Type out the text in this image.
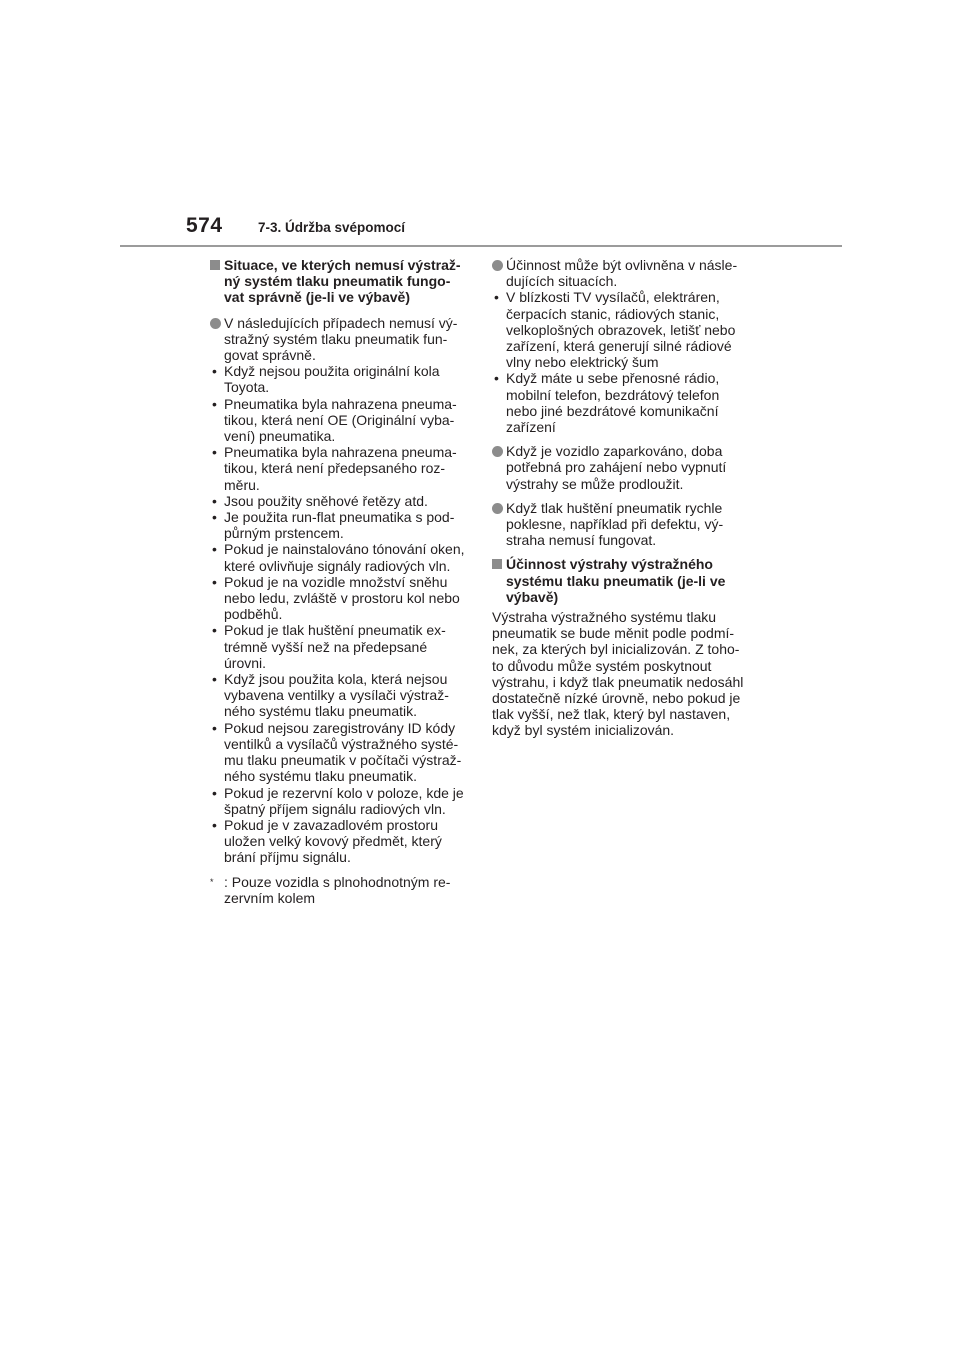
574	7-3. Údržba svépomocí
Situace, ve kterých nemusí výstraž-ný systém tlaku pneumatik fungo-vat správně (je-li ve výbavě)
V následujících případech nemusí vý-stražný systém tlaku pneumatik fun-govat správně.
• Když nejsou použita originální kola Toyota.
• Pneumatika byla nahrazena pneuma-tikou, která není OE (Originální vyba-vení) pneumatika.
• Pneumatika byla nahrazena pneuma-tikou, která není předepsaného roz-měru.
• Jsou použity sněhové řetězy atd.
• Je použita run-flat pneumatika s pod-půrným prstencem.
• Pokud je nainstalováno tónování oken, které ovlivňuje signály radiových vln.
• Pokud je na vozidle množství sněhu nebo ledu, zvláště v prostoru kol nebo podběhů.
• Pokud je tlak huštění pneumatik ex-trémně vyšší než na předepsané úrovni.
• Když jsou použita kola, která nejsou vybavena ventilky a vysílači výstraž-ného systému tlaku pneumatik.
• Pokud nejsou zaregistrovány ID kódy ventilků a vysílačů výstražného systé-mu tlaku pneumatik v počítači výstraž-ného systému tlaku pneumatik.
• Pokud je rezervní kolo v poloze, kde je špatný příjem signálu radiových vln.
• Pokud je v zavazadlovém prostoru uložen velký kovový předmět, který brání příjmu signálu.
* : Pouze vozidla s plnohodnotným re-zervním kolem
Účinnost může být ovlivněna v násle-dujících situacích.
• V blízkosti TV vysílačů, elektráren, čerpacích stanic, rádiových stanic, velkoplošných obrazovek, letišť nebo zařízení, která generují silné rádiové vlny nebo elektrický šum
• Když máte u sebe přenosné rádio, mobilní telefon, bezdrátový telefon nebo jiné bezdrátové komunikační zařízení
Když je vozidlo zaparkováno, doba potřebná pro zahájení nebo vypnutí výstrahy se může prodloužit.
Když tlak huštění pneumatik rychle poklesne, například při defektu, vý-straha nemusí fungovat.
Účinnost výstrahy výstražného systému tlaku pneumatik (je-li ve výbavě)
Výstraha výstražného systému tlaku pneumatik se bude měnit podle podmí-nek, za kterých byl inicializován. Z toho-to důvodu může systém poskytnout výstrahu, i když tlak pneumatik nedosáhl dostatečně nízké úrovně, nebo pokud je tlak vyšší, než tlak, který byl nastaven, když byl systém inicializován.
